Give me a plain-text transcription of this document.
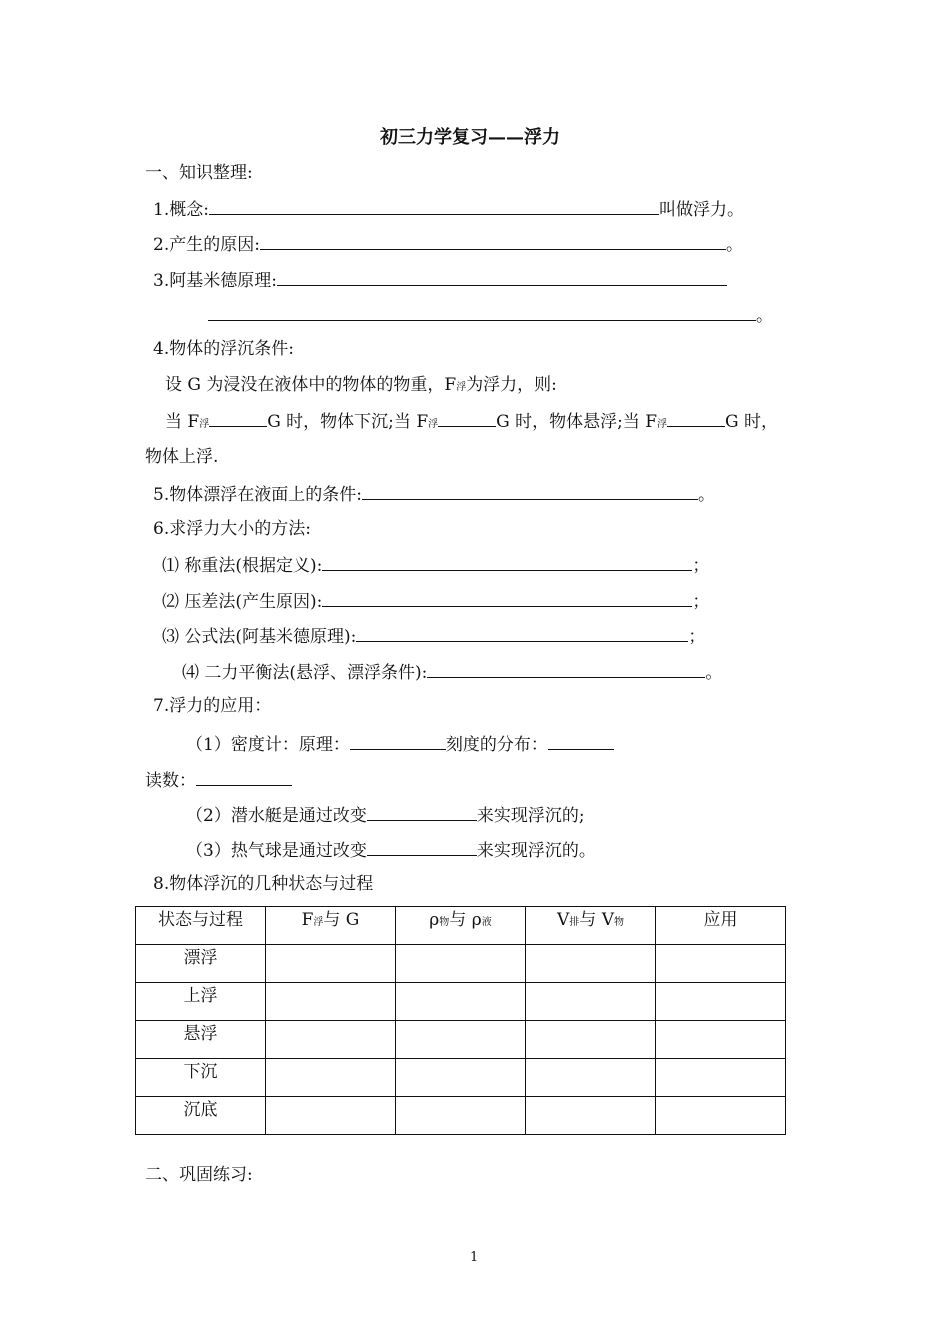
初三力学复习——浮力
一、知识整理:
1.概念:	叫做浮力。
2.产生的原因:	。
3.阿基米德原理:
。
4.物体的浮沉条件:
设 G 为浸没在液体中的物体的物重，F浮为浮力，则:
当 F浮	G 时，物体下沉;当 F浮	G 时，物体悬浮;当 F浮	G 时，
物体上浮.
5.物体漂浮在液面上的条件:	。
6.求浮力大小的方法:
⑴ 称重法(根据定义):	；
⑵ 压差法(产生原因):	；
⑶ 公式法(阿基米德原理):	；
⑷ 二力平衡法(悬浮、漂浮条件):	。
7.浮力的应用：
（1）密度计：原理：	刻度的分布：
读数：
（2）潜水艇是通过改变	来实现浮沉的;
（3）热气球是通过改变	来实现浮沉的。
8.物体浮沉的几种状态与过程
状态与过程	F浮与 G	ρ物与 ρ液	V排与 V物	应用
漂浮				
上浮				
悬浮				
下沉				
沉底				
二、巩固练习:
1
